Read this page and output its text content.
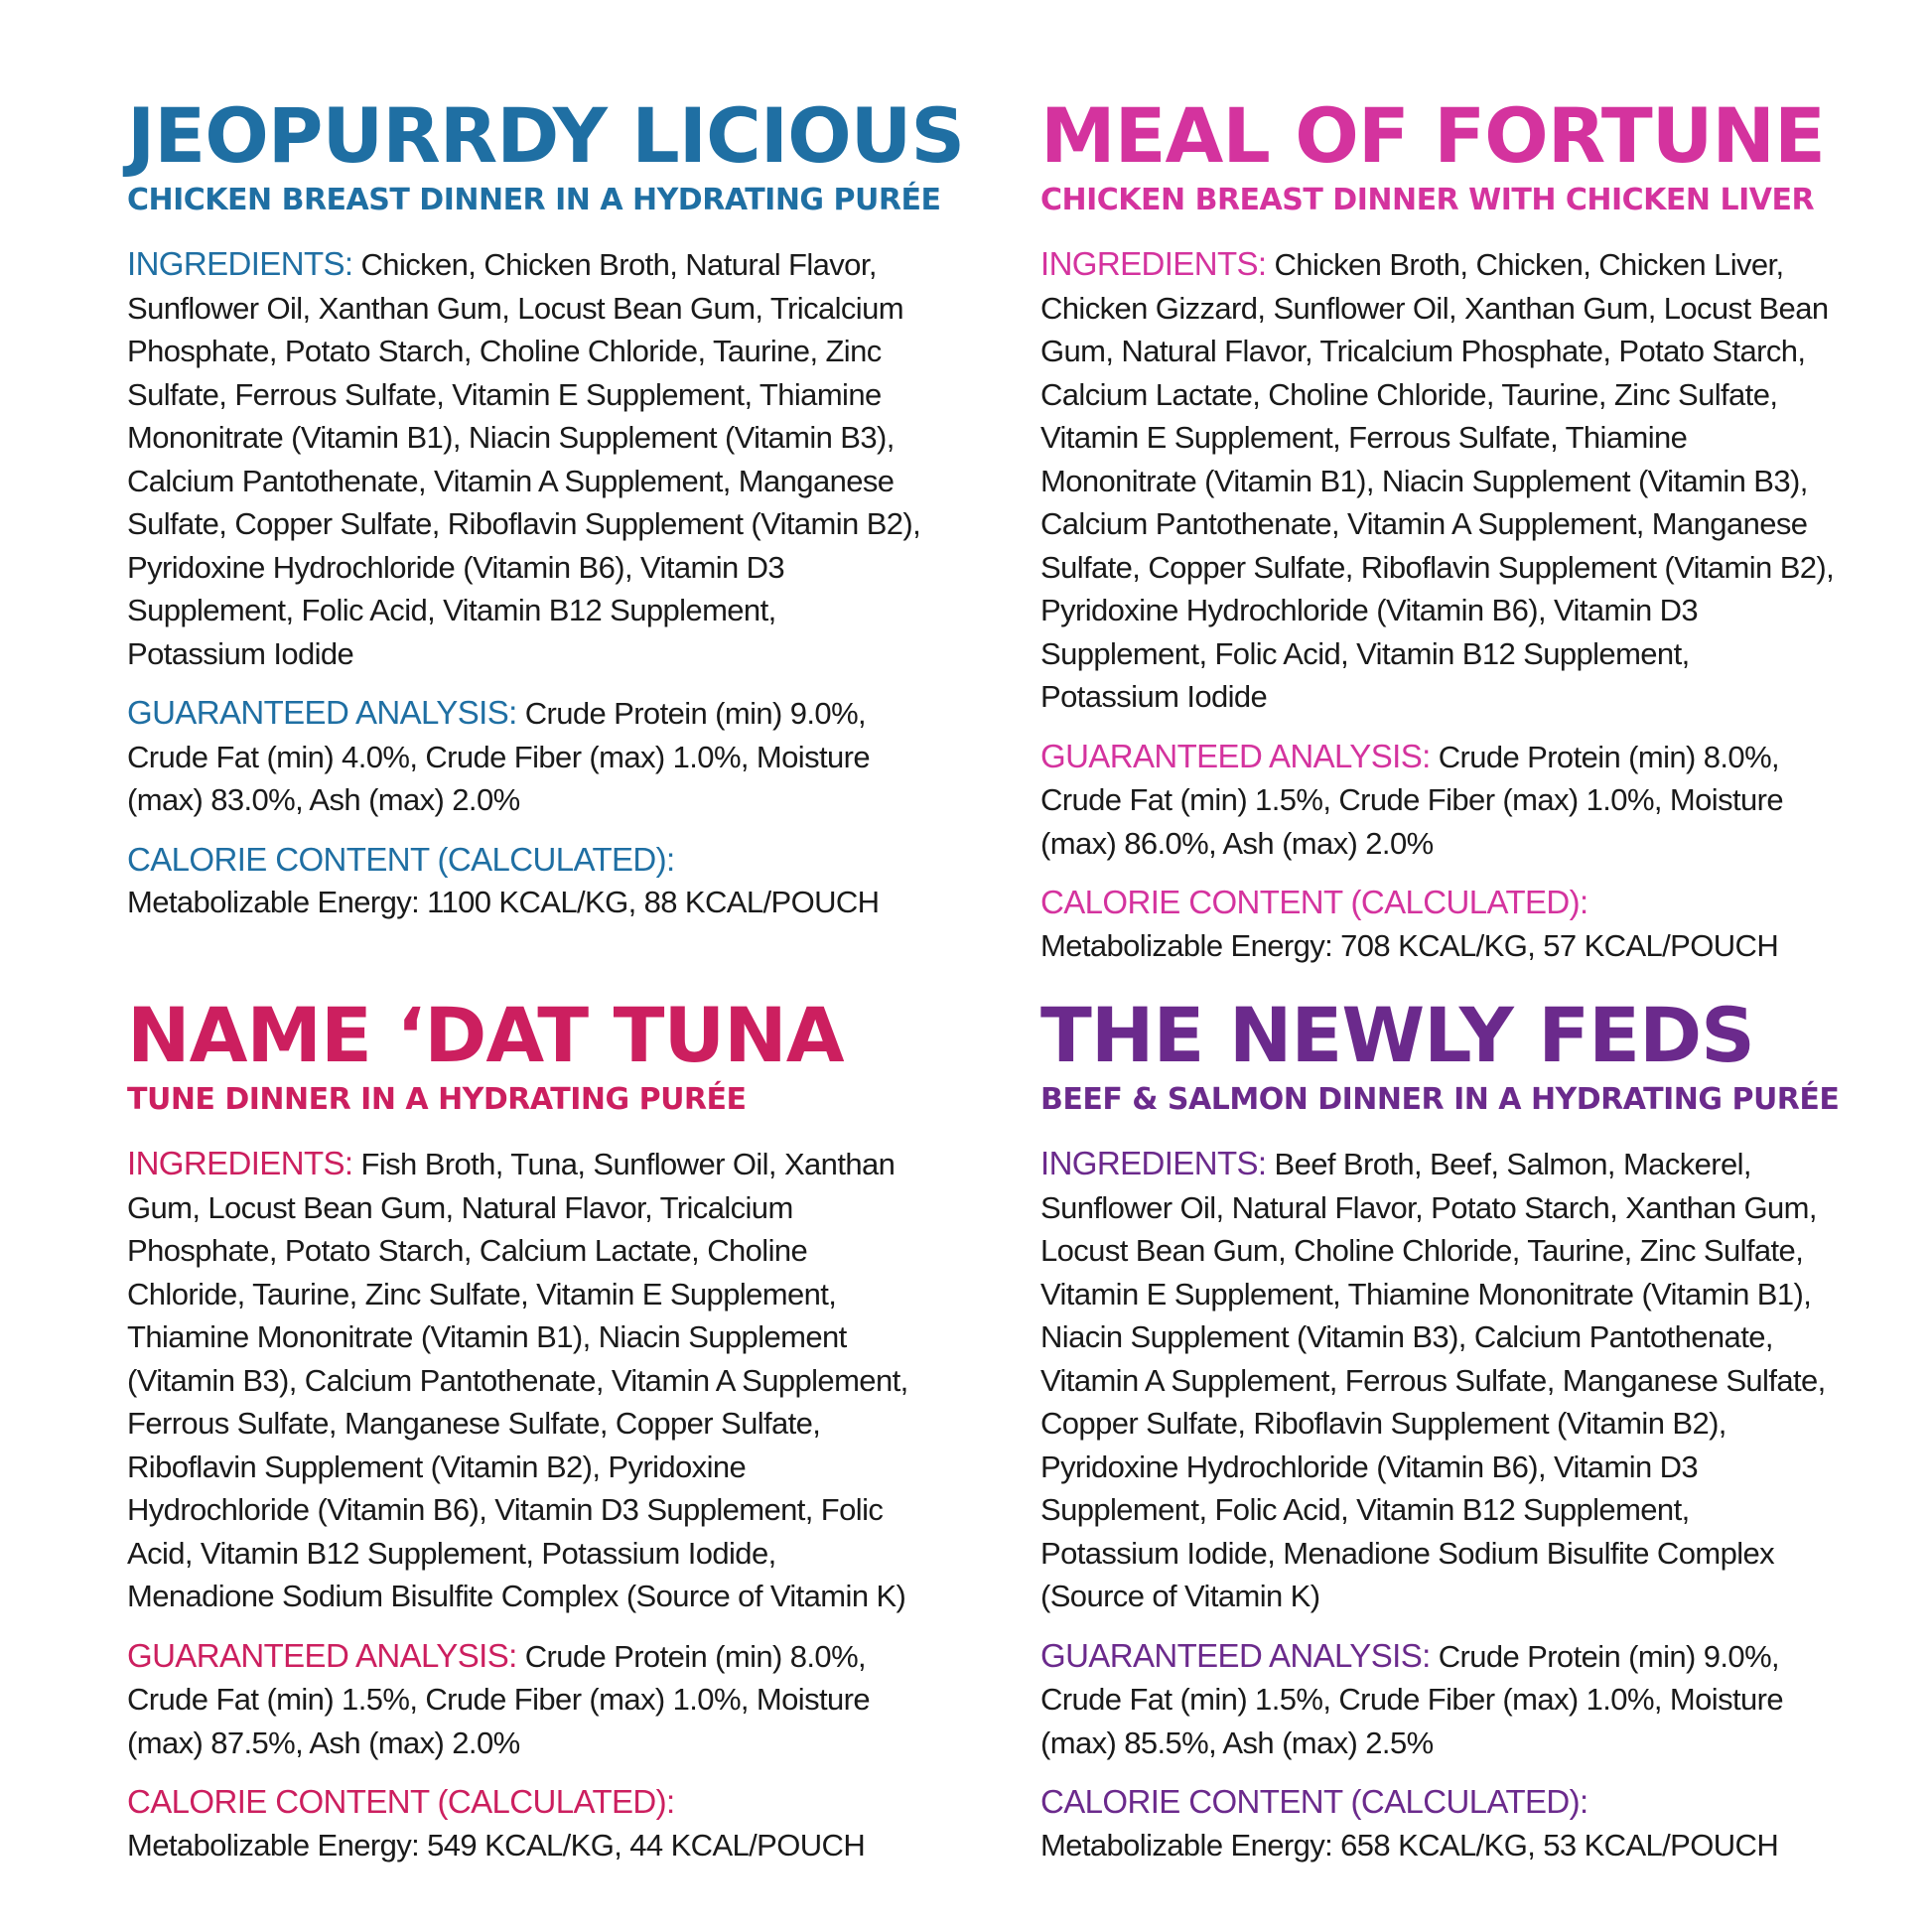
JEOPURRDY LICIOUS
CHICKEN BREAST DINNER IN A HYDRATING PURÉE

INGREDIENTS: Chicken, Chicken Broth, Natural Flavor, Sunflower Oil, Xanthan Gum, Locust Bean Gum, Tricalcium Phosphate, Potato Starch, Choline Chloride, Taurine, Zinc Sulfate, Ferrous Sulfate, Vitamin E Supplement, Thiamine Mononitrate (Vitamin B1), Niacin Supplement (Vitamin B3), Calcium Pantothenate, Vitamin A Supplement, Manganese Sulfate, Copper Sulfate, Riboflavin Supplement (Vitamin B2), Pyridoxine Hydrochloride (Vitamin B6), Vitamin D3 Supplement, Folic Acid, Vitamin B12 Supplement, Potassium Iodide

GUARANTEED ANALYSIS: Crude Protein (min) 9.0%, Crude Fat (min) 4.0%, Crude Fiber (max) 1.0%, Moisture (max) 83.0%, Ash (max) 2.0%

CALORIE CONTENT (CALCULATED):
Metabolizable Energy: 1100 KCAL/KG, 88 KCAL/POUCH

MEAL OF FORTUNE
CHICKEN BREAST DINNER WITH CHICKEN LIVER

INGREDIENTS: Chicken Broth, Chicken, Chicken Liver, Chicken Gizzard, Sunflower Oil, Xanthan Gum, Locust Bean Gum, Natural Flavor, Tricalcium Phosphate, Potato Starch, Calcium Lactate, Choline Chloride, Taurine, Zinc Sulfate, Vitamin E Supplement, Ferrous Sulfate, Thiamine Mononitrate (Vitamin B1), Niacin Supplement (Vitamin B3), Calcium Pantothenate, Vitamin A Supplement, Manganese Sulfate, Copper Sulfate, Riboflavin Supplement (Vitamin B2), Pyridoxine Hydrochloride (Vitamin B6), Vitamin D3 Supplement, Folic Acid, Vitamin B12 Supplement, Potassium Iodide

GUARANTEED ANALYSIS: Crude Protein (min) 8.0%, Crude Fat (min) 1.5%, Crude Fiber (max) 1.0%, Moisture (max) 86.0%, Ash (max) 2.0%

CALORIE CONTENT (CALCULATED):
Metabolizable Energy: 708 KCAL/KG, 57 KCAL/POUCH

NAME ‘DAT TUNA
TUNE DINNER IN A HYDRATING PURÉE

INGREDIENTS: Fish Broth, Tuna, Sunflower Oil, Xanthan Gum, Locust Bean Gum, Natural Flavor, Tricalcium Phosphate, Potato Starch, Calcium Lactate, Choline Chloride, Taurine, Zinc Sulfate, Vitamin E Supplement, Thiamine Mononitrate (Vitamin B1), Niacin Supplement (Vitamin B3), Calcium Pantothenate, Vitamin A Supplement, Ferrous Sulfate, Manganese Sulfate, Copper Sulfate, Riboflavin Supplement (Vitamin B2), Pyridoxine Hydrochloride (Vitamin B6), Vitamin D3 Supplement, Folic Acid, Vitamin B12 Supplement, Potassium Iodide, Menadione Sodium Bisulfite Complex (Source of Vitamin K)

GUARANTEED ANALYSIS: Crude Protein (min) 8.0%, Crude Fat (min) 1.5%, Crude Fiber (max) 1.0%, Moisture (max) 87.5%, Ash (max) 2.0%

CALORIE CONTENT (CALCULATED):
Metabolizable Energy: 549 KCAL/KG, 44 KCAL/POUCH

THE NEWLY FEDS
BEEF & SALMON DINNER IN A HYDRATING PURÉE

INGREDIENTS: Beef Broth, Beef, Salmon, Mackerel, Sunflower Oil, Natural Flavor, Potato Starch, Xanthan Gum, Locust Bean Gum, Choline Chloride, Taurine, Zinc Sulfate, Vitamin E Supplement, Thiamine Mononitrate (Vitamin B1), Niacin Supplement (Vitamin B3), Calcium Pantothenate, Vitamin A Supplement, Ferrous Sulfate, Manganese Sulfate, Copper Sulfate, Riboflavin Supplement (Vitamin B2), Pyridoxine Hydrochloride (Vitamin B6), Vitamin D3 Supplement, Folic Acid, Vitamin B12 Supplement, Potassium Iodide, Menadione Sodium Bisulfite Complex (Source of Vitamin K)

GUARANTEED ANALYSIS: Crude Protein (min) 9.0%, Crude Fat (min) 1.5%, Crude Fiber (max) 1.0%, Moisture (max) 85.5%, Ash (max) 2.5%

CALORIE CONTENT (CALCULATED):
Metabolizable Energy: 658 KCAL/KG, 53 KCAL/POUCH
